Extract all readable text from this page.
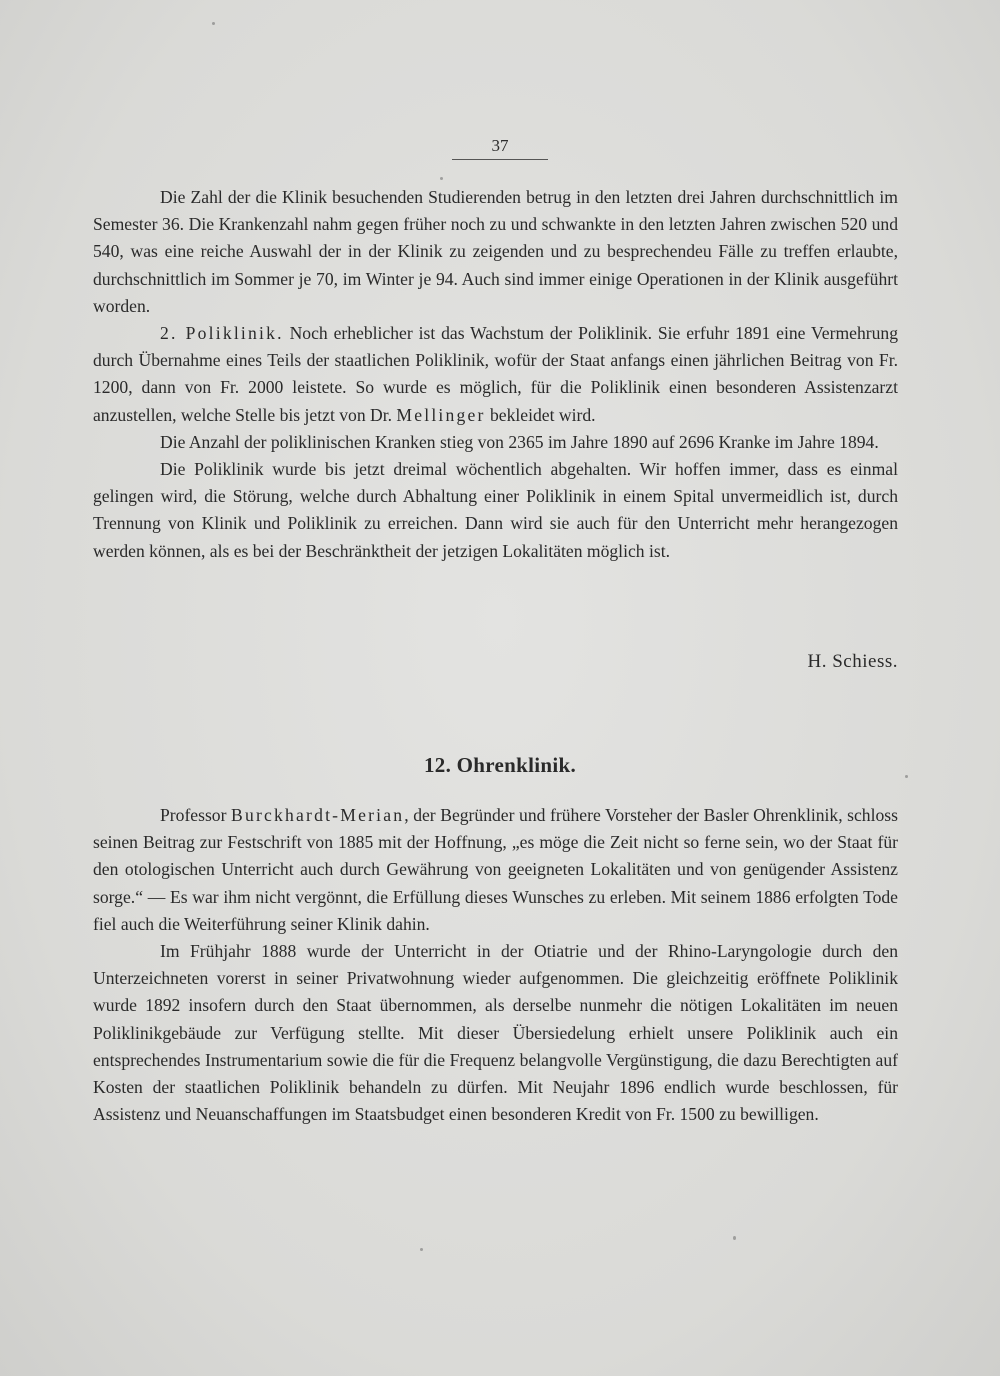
37

Die Zahl der die Klinik besuchenden Studierenden betrug in den letzten drei Jahren durchschnittlich im Semester 36. Die Krankenzahl nahm gegen früher noch zu und schwankte in den letzten Jahren zwischen 520 und 540, was eine reiche Auswahl der in der Klinik zu zeigenden und zu besprechendeu Fälle zu treffen erlaubte, durchschnittlich im Sommer je 70, im Winter je 94. Auch sind immer einige Operationen in der Klinik ausgeführt worden.

2. Poliklinik. Noch erheblicher ist das Wachstum der Poliklinik. Sie erfuhr 1891 eine Vermehrung durch Übernahme eines Teils der staatlichen Poliklinik, wofür der Staat anfangs einen jährlichen Beitrag von Fr. 1200, dann von Fr. 2000 leistete. So wurde es möglich, für die Poliklinik einen besonderen Assistenzarzt anzustellen, welche Stelle bis jetzt von Dr. Mellinger bekleidet wird.

Die Anzahl der poliklinischen Kranken stieg von 2365 im Jahre 1890 auf 2696 Kranke im Jahre 1894.

Die Poliklinik wurde bis jetzt dreimal wöchentlich abgehalten. Wir hoffen immer, dass es einmal gelingen wird, die Störung, welche durch Abhaltung einer Poliklinik in einem Spital unvermeidlich ist, durch Trennung von Klinik und Poliklinik zu erreichen. Dann wird sie auch für den Unterricht mehr herangezogen werden können, als es bei der Beschränktheit der jetzigen Lokalitäten möglich ist.

H. Schiess.
12. Ohrenklinik.

Professor Burckhardt-Merian, der Begründer und frühere Vorsteher der Basler Ohrenklinik, schloss seinen Beitrag zur Festschrift von 1885 mit der Hoffnung, „es möge die Zeit nicht so ferne sein, wo der Staat für den otologischen Unterricht auch durch Gewährung von geeigneten Lokalitäten und von genügender Assistenz sorge.“ — Es war ihm nicht vergönnt, die Erfüllung dieses Wunsches zu erleben. Mit seinem 1886 erfolgten Tode fiel auch die Weiterführung seiner Klinik dahin.

Im Frühjahr 1888 wurde der Unterricht in der Otiatrie und der Rhino-Laryngologie durch den Unterzeichneten vorerst in seiner Privatwohnung wieder aufgenommen. Die gleichzeitig eröffnete Poliklinik wurde 1892 insofern durch den Staat übernommen, als derselbe nunmehr die nötigen Lokalitäten im neuen Poliklinikgebäude zur Verfügung stellte. Mit dieser Übersiedelung erhielt unsere Poliklinik auch ein entsprechendes Instrumentarium sowie die für die Frequenz belangvolle Vergünstigung, die dazu Berechtigten auf Kosten der staatlichen Poliklinik behandeln zu dürfen. Mit Neujahr 1896 endlich wurde beschlossen, für Assistenz und Neuanschaffungen im Staatsbudget einen besonderen Kredit von Fr. 1500 zu bewilligen.
